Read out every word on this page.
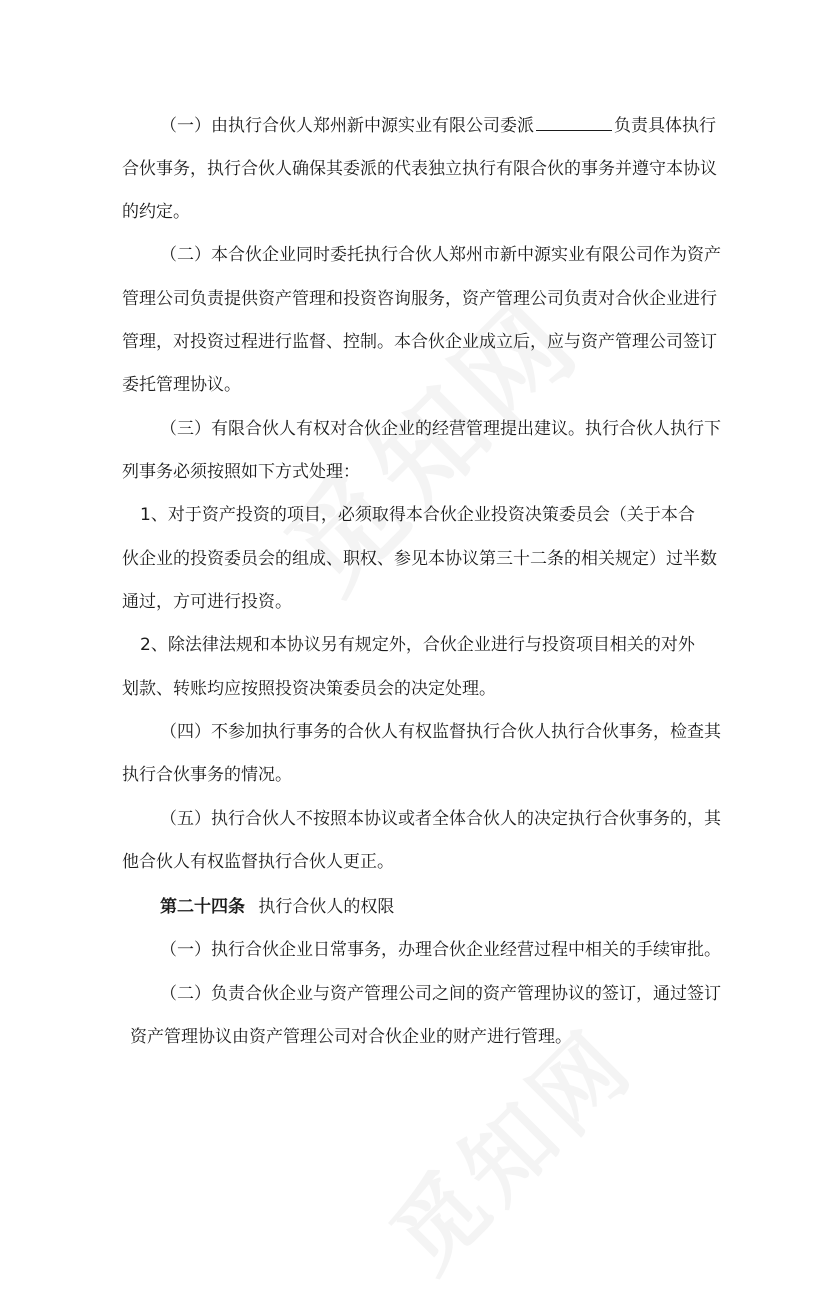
（一）由执行合伙人郑州新中源实业有限公司委派	负责具体执行
合伙事务，执行合伙人确保其委派的代表独立执行有限合伙的事务并遵守本协议
的约定。
（二）本合伙企业同时委托执行合伙人郑州市新中源实业有限公司作为资产
管理公司负责提供资产管理和投资咨询服务，资产管理公司负责对合伙企业进行
管理，对投资过程进行监督、控制。本合伙企业成立后，应与资产管理公司签订
委托管理协议。
（三）有限合伙人有权对合伙企业的经营管理提出建议。执行合伙人执行下
列事务必须按照如下方式处理：
1、对于资产投资的项目，必须取得本合伙企业投资决策委员会（关于本合
伙企业的投资委员会的组成、职权、参见本协议第三十二条的相关规定）过半数
通过，方可进行投资。
2、除法律法规和本协议另有规定外，合伙企业进行与投资项目相关的对外
划款、转账均应按照投资决策委员会的决定处理。
（四）不参加执行事务的合伙人有权监督执行合伙人执行合伙事务，检查其
执行合伙事务的情况。
（五）执行合伙人不按照本协议或者全体合伙人的决定执行合伙事务的，其
他合伙人有权监督执行合伙人更正。
第二十四条 执行合伙人的权限
（一）执行合伙企业日常事务，办理合伙企业经营过程中相关的手续审批。
（二）负责合伙企业与资产管理公司之间的资产管理协议的签订，通过签订
资产管理协议由资产管理公司对合伙企业的财产进行管理。
